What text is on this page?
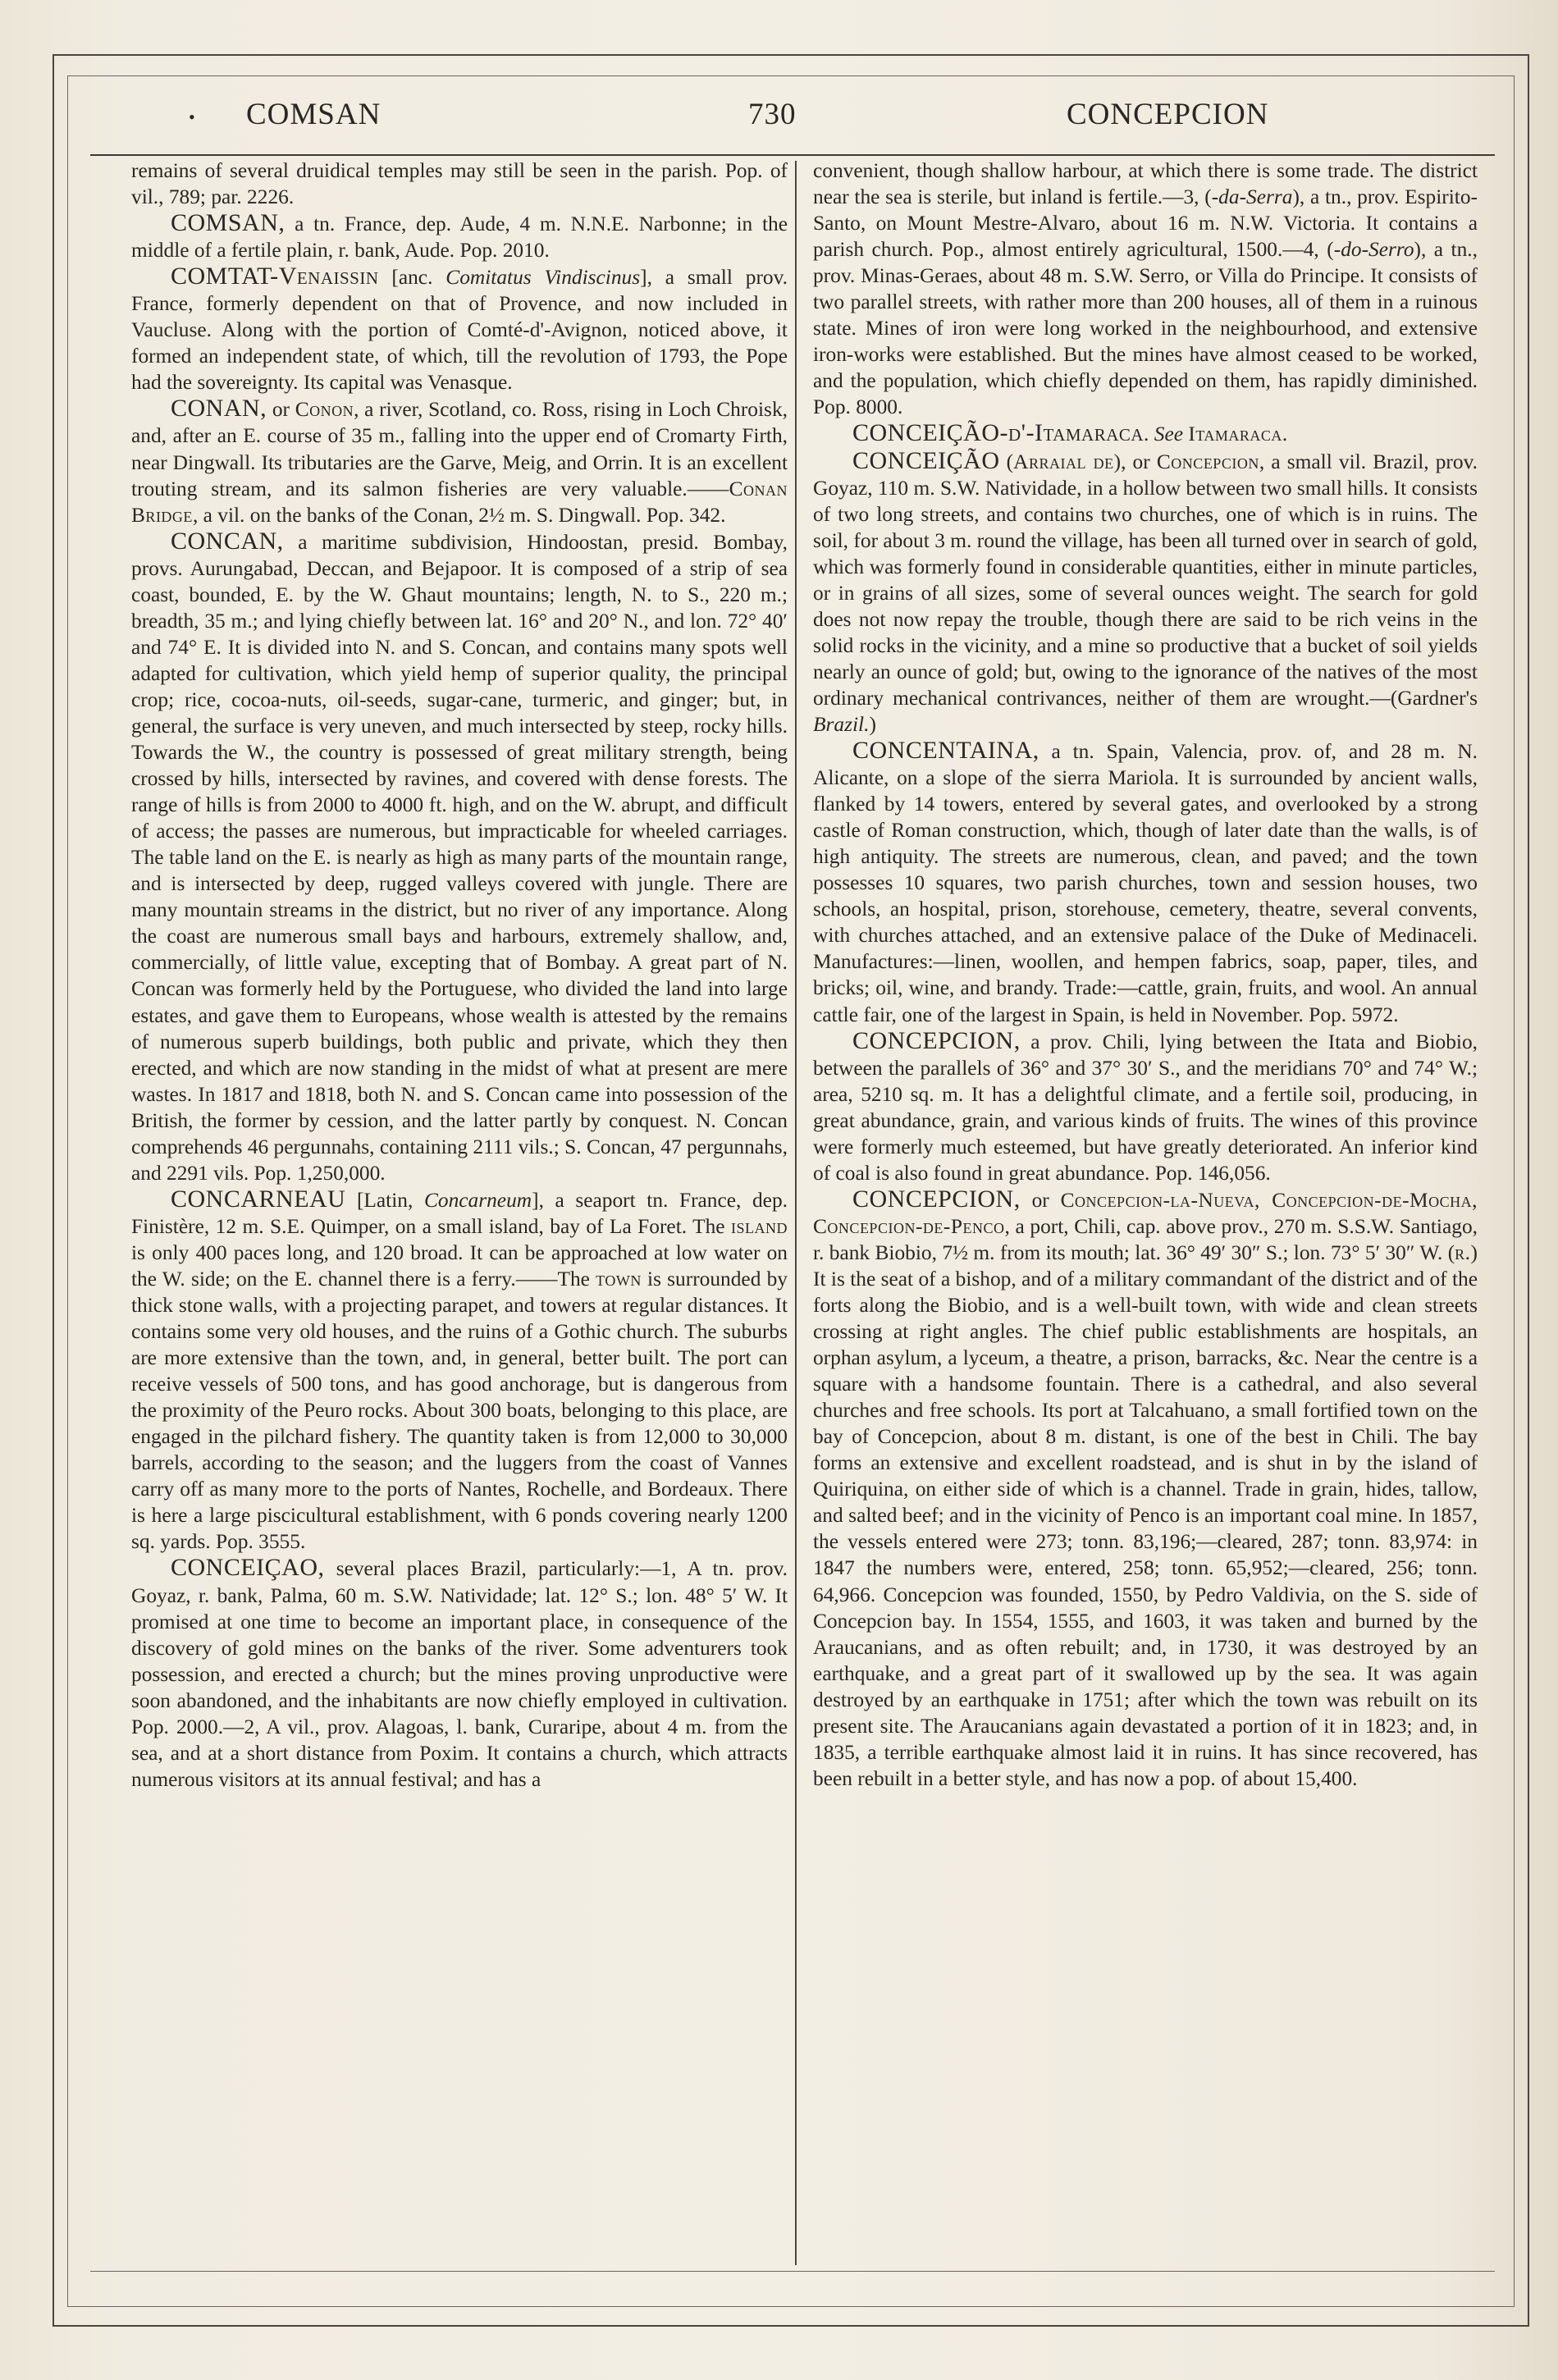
• COMSAN	730	CONCEPCION

remains of several druidical temples may still be seen in the parish. Pop. of vil., 789; par. 2226.

COMSAN, a tn. France, dep. Aude, 4 m. N.N.E. Narbonne; in the middle of a fertile plain, r. bank, Aude. Pop. 2010.

COMTAT-Venaissin [anc. Comitatus Vindiscinus], a small prov. France, formerly dependent on that of Provence, and now included in Vaucluse. Along with the portion of Comté-d'-Avignon, noticed above, it formed an independent state, of which, till the revolution of 1793, the Pope had the sovereignty. Its capital was Venasque.

CONAN, or Conon, a river, Scotland, co. Ross, rising in Loch Chroisk, and, after an E. course of 35 m., falling into the upper end of Cromarty Firth, near Dingwall. Its tributaries are the Garve, Meig, and Orrin. It is an excellent trouting stream, and its salmon fisheries are very valuable.——Conan Bridge, a vil. on the banks of the Conan, 2½ m. S. Dingwall. Pop. 342.

CONCAN, a maritime subdivision, Hindoostan, presid. Bombay, provs. Aurungabad, Deccan, and Bejapoor. It is composed of a strip of sea coast, bounded, E. by the W. Ghaut mountains; length, N. to S., 220 m.; breadth, 35 m.; and lying chiefly between lat. 16° and 20° N., and lon. 72° 40′ and 74° E. It is divided into N. and S. Concan, and contains many spots well adapted for cultivation, which yield hemp of superior quality, the principal crop; rice, cocoa-nuts, oil-seeds, sugar-cane, turmeric, and ginger; but, in general, the surface is very uneven, and much intersected by steep, rocky hills. Towards the W., the country is possessed of great military strength, being crossed by hills, intersected by ravines, and covered with dense forests. The range of hills is from 2000 to 4000 ft. high, and on the W. abrupt, and difficult of access; the passes are numerous, but impracticable for wheeled carriages. The table land on the E. is nearly as high as many parts of the mountain range, and is intersected by deep, rugged valleys covered with jungle. There are many mountain streams in the district, but no river of any importance. Along the coast are numerous small bays and harbours, extremely shallow, and, commercially, of little value, excepting that of Bombay. A great part of N. Concan was formerly held by the Portuguese, who divided the land into large estates, and gave them to Europeans, whose wealth is attested by the remains of numerous superb buildings, both public and private, which they then erected, and which are now standing in the midst of what at present are mere wastes. In 1817 and 1818, both N. and S. Concan came into possession of the British, the former by cession, and the latter partly by conquest. N. Concan comprehends 46 pergunnahs, containing 2111 vils.; S. Concan, 47 pergunnahs, and 2291 vils. Pop. 1,250,000.

CONCARNEAU [Latin, Concarneum], a seaport tn. France, dep. Finistère, 12 m. S.E. Quimper, on a small island, bay of La Foret. The island is only 400 paces long, and 120 broad. It can be approached at low water on the W. side; on the E. channel there is a ferry.——The town is surrounded by thick stone walls, with a projecting parapet, and towers at regular distances. It contains some very old houses, and the ruins of a Gothic church. The suburbs are more extensive than the town, and, in general, better built. The port can receive vessels of 500 tons, and has good anchorage, but is dangerous from the proximity of the Peuro rocks. About 300 boats, belonging to this place, are engaged in the pilchard fishery. The quantity taken is from 12,000 to 30,000 barrels, according to the season; and the luggers from the coast of Vannes carry off as many more to the ports of Nantes, Rochelle, and Bordeaux. There is here a large piscicultural establishment, with 6 ponds covering nearly 1200 sq. yards. Pop. 3555.

CONCEIÇAO, several places Brazil, particularly:—1, A tn. prov. Goyaz, r. bank, Palma, 60 m. S.W. Natividade; lat. 12° S.; lon. 48° 5′ W. It promised at one time to become an important place, in consequence of the discovery of gold mines on the banks of the river. Some adventurers took possession, and erected a church; but the mines proving unproductive were soon abandoned, and the inhabitants are now chiefly employed in cultivation. Pop. 2000.—2, A vil., prov. Alagoas, l. bank, Curaripe, about 4 m. from the sea, and at a short distance from Poxim. It contains a church, which attracts numerous visitors at its annual festival; and has a

convenient, though shallow harbour, at which there is some trade. The district near the sea is sterile, but inland is fertile.—3, (-da-Serra), a tn., prov. Espirito-Santo, on Mount Mestre-Alvaro, about 16 m. N.W. Victoria. It contains a parish church. Pop., almost entirely agricultural, 1500.—4, (-do-Serro), a tn., prov. Minas-Geraes, about 48 m. S.W. Serro, or Villa do Principe. It consists of two parallel streets, with rather more than 200 houses, all of them in a ruinous state. Mines of iron were long worked in the neighbourhood, and extensive iron-works were established. But the mines have almost ceased to be worked, and the population, which chiefly depended on them, has rapidly diminished. Pop. 8000.

CONCEIÇÃO-d'-Itamaraca. See Itamaraca.

CONCEIÇÃO (Arraial de), or Concepcion, a small vil. Brazil, prov. Goyaz, 110 m. S.W. Natividade, in a hollow between two small hills. It consists of two long streets, and contains two churches, one of which is in ruins. The soil, for about 3 m. round the village, has been all turned over in search of gold, which was formerly found in considerable quantities, either in minute particles, or in grains of all sizes, some of several ounces weight. The search for gold does not now repay the trouble, though there are said to be rich veins in the solid rocks in the vicinity, and a mine so productive that a bucket of soil yields nearly an ounce of gold; but, owing to the ignorance of the natives of the most ordinary mechanical contrivances, neither of them are wrought.—(Gardner's Brazil.)

CONCENTAINA, a tn. Spain, Valencia, prov. of, and 28 m. N. Alicante, on a slope of the sierra Mariola. It is surrounded by ancient walls, flanked by 14 towers, entered by several gates, and overlooked by a strong castle of Roman construction, which, though of later date than the walls, is of high antiquity. The streets are numerous, clean, and paved; and the town possesses 10 squares, two parish churches, town and session houses, two schools, an hospital, prison, storehouse, cemetery, theatre, several convents, with churches attached, and an extensive palace of the Duke of Medinaceli. Manufactures:—linen, woollen, and hempen fabrics, soap, paper, tiles, and bricks; oil, wine, and brandy. Trade:—cattle, grain, fruits, and wool. An annual cattle fair, one of the largest in Spain, is held in November. Pop. 5972.

CONCEPCION, a prov. Chili, lying between the Itata and Biobio, between the parallels of 36° and 37° 30′ S., and the meridians 70° and 74° W.; area, 5210 sq. m. It has a delightful climate, and a fertile soil, producing, in great abundance, grain, and various kinds of fruits. The wines of this province were formerly much esteemed, but have greatly deteriorated. An inferior kind of coal is also found in great abundance. Pop. 146,056.

CONCEPCION, or Concepcion-la-Nueva, Concepcion-de-Mocha, Concepcion-de-Penco, a port, Chili, cap. above prov., 270 m. S.S.W. Santiago, r. bank Biobio, 7½ m. from its mouth; lat. 36° 49′ 30″ S.; lon. 73° 5′ 30″ W. (r.) It is the seat of a bishop, and of a military commandant of the district and of the forts along the Biobio, and is a well-built town, with wide and clean streets crossing at right angles. The chief public establishments are hospitals, an orphan asylum, a lyceum, a theatre, a prison, barracks, &c. Near the centre is a square with a handsome fountain. There is a cathedral, and also several churches and free schools. Its port at Talcahuano, a small fortified town on the bay of Concepcion, about 8 m. distant, is one of the best in Chili. The bay forms an extensive and excellent roadstead, and is shut in by the island of Quiriquina, on either side of which is a channel. Trade in grain, hides, tallow, and salted beef; and in the vicinity of Penco is an important coal mine. In 1857, the vessels entered were 273; tonn. 83,196;—cleared, 287; tonn. 83,974: in 1847 the numbers were, entered, 258; tonn. 65,952;—cleared, 256; tonn. 64,966. Concepcion was founded, 1550, by Pedro Valdivia, on the S. side of Concepcion bay. In 1554, 1555, and 1603, it was taken and burned by the Araucanians, and as often rebuilt; and, in 1730, it was destroyed by an earthquake, and a great part of it swallowed up by the sea. It was again destroyed by an earthquake in 1751; after which the town was rebuilt on its present site. The Araucanians again devastated a portion of it in 1823; and, in 1835, a terrible earthquake almost laid it in ruins. It has since recovered, has been rebuilt in a better style, and has now a pop. of about 15,400.
